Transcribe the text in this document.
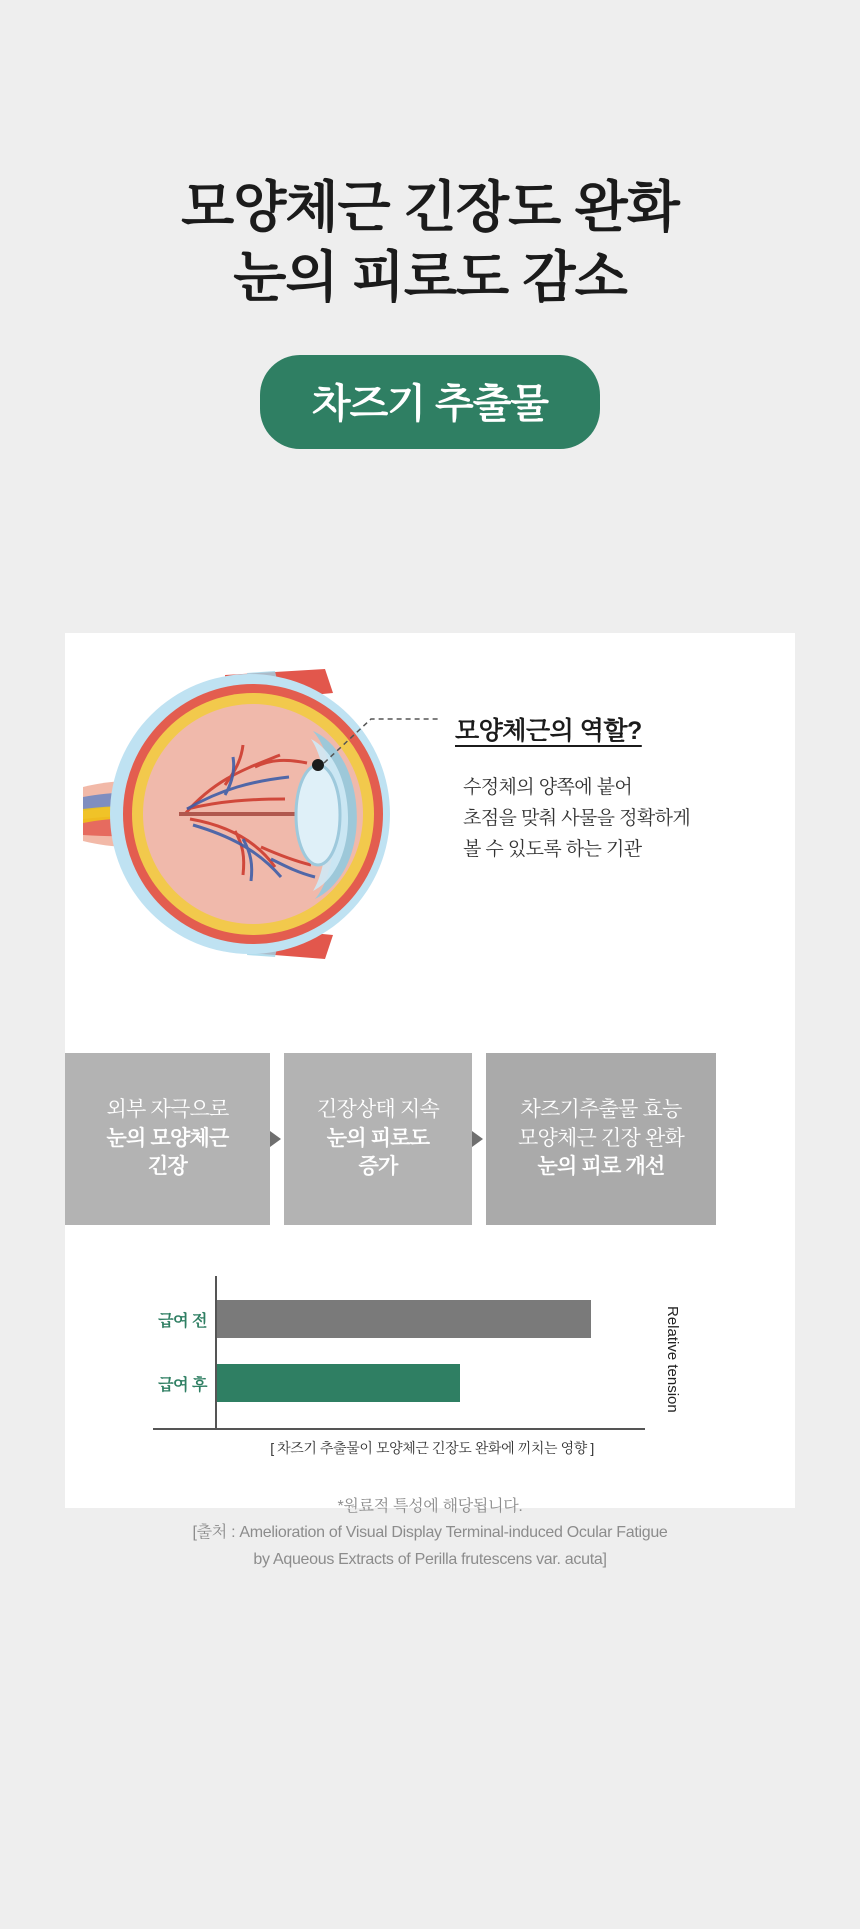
모양체근 긴장도 완화
눈의 피로도 감소
차즈기 추출물
모양체근의 역할?
수정체의 양쪽에 붙어
초점을 맞춰 사물을 정확하게
볼 수 있도록 하는 기관
외부 자극으로
눈의 모양체근
긴장
긴장상태 지속
눈의 피로도
증가
차즈기추출물 효능
모양체근 긴장 완화
눈의 피로 개선
급여 전
급여 후	Relative tension
[ 차즈기 추출물이 모양체근 긴장도 완화에 끼치는 영향 ]
*원료적 특성에 해당됩니다.
[출처 : Amelioration of Visual Display Terminal-induced Ocular Fatigue
by Aqueous Extracts of Perilla frutescens var. acuta]
